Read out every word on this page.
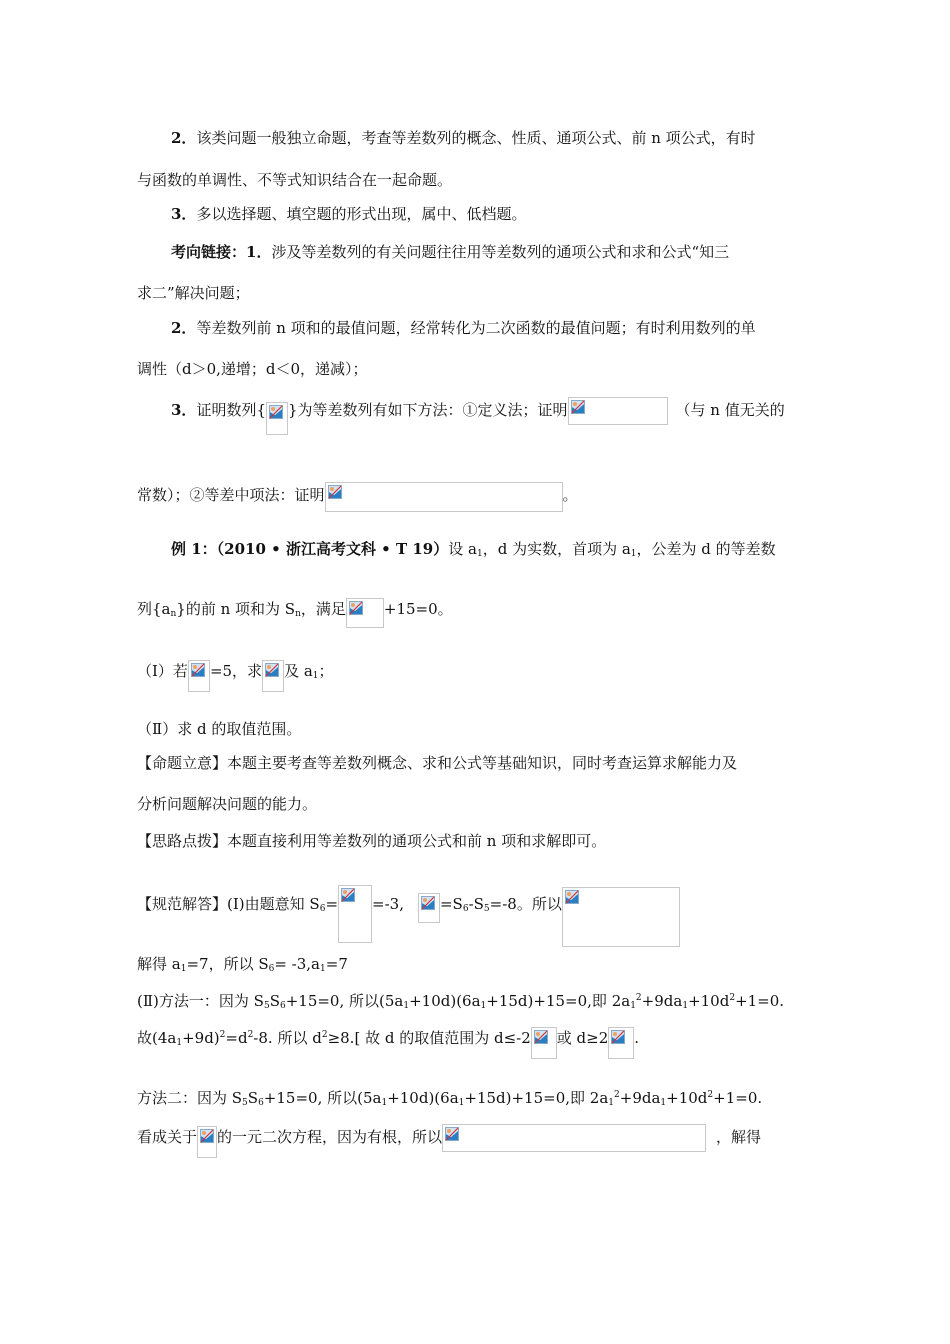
2．该类问题一般独立命题，考查等差数列的概念、性质、通项公式、前 n 项公式，有时
与函数的单调性、不等式知识结合在一起命题。
3．多以选择题、填空题的形式出现，属中、低档题。
考向链接：1．涉及等差数列的有关问题往往用等差数列的通项公式和求和公式“知三
求二”解决问题；
2．等差数列前 n 项和的最值问题，经常转化为二次函数的最值问题；有时利用数列的单
调性（d＞0,递增；d＜0，递减）；
3．证明数列{ }为等差数列有如下方法：①定义法；证明	（与 n 值无关的
常数）；②等差中项法：证明	。
例 1：（2010 • 浙江高考文科 • T 19）设 $a_1$，d 为实数，首项为 $a_1$，公差为 d 的等差数
列$\{a_n\}$的前 n 项和为 $S_n$，满足	+15=0。
（Ⅰ）若 =5，求 及 $a_1$；
（Ⅱ）求 d 的取值范围。
【命题立意】本题主要考查等差数列概念、求和公式等基础知识，同时考查运算求解能力及
分析问题解决问题的能力。
【思路点拨】本题直接利用等差数列的通项公式和前 n 项和求解即可。
【规范解答】(Ⅰ)由题意知 $S_6= =-3$, $=S_6-S_5=-8$。所以
解得 $a_1=7$，所以 $S_6= -3,a_1=7$
(Ⅱ)方法一：因为 $S_5S_6+15=0$, 所以$(5a_1+10d)(6a_1+15d)+15=0$,即 $2a_1^2+9da_1+10d^2+1=0$.
故$(4a_1+9d)^2=d^2-8$. 所以 $d^2\ge 8$.[ 故 d 的取值范围为 d≤-2 或 d≥2 .
方法二：因为 $S_5S_6+15=0$, 所以$(5a_1+10d)(6a_1+15d)+15=0$,即 $2a_1^2+9da_1+10d^2+1=0$.
看成关于 的一元二次方程，因为有根，所以	，解得
